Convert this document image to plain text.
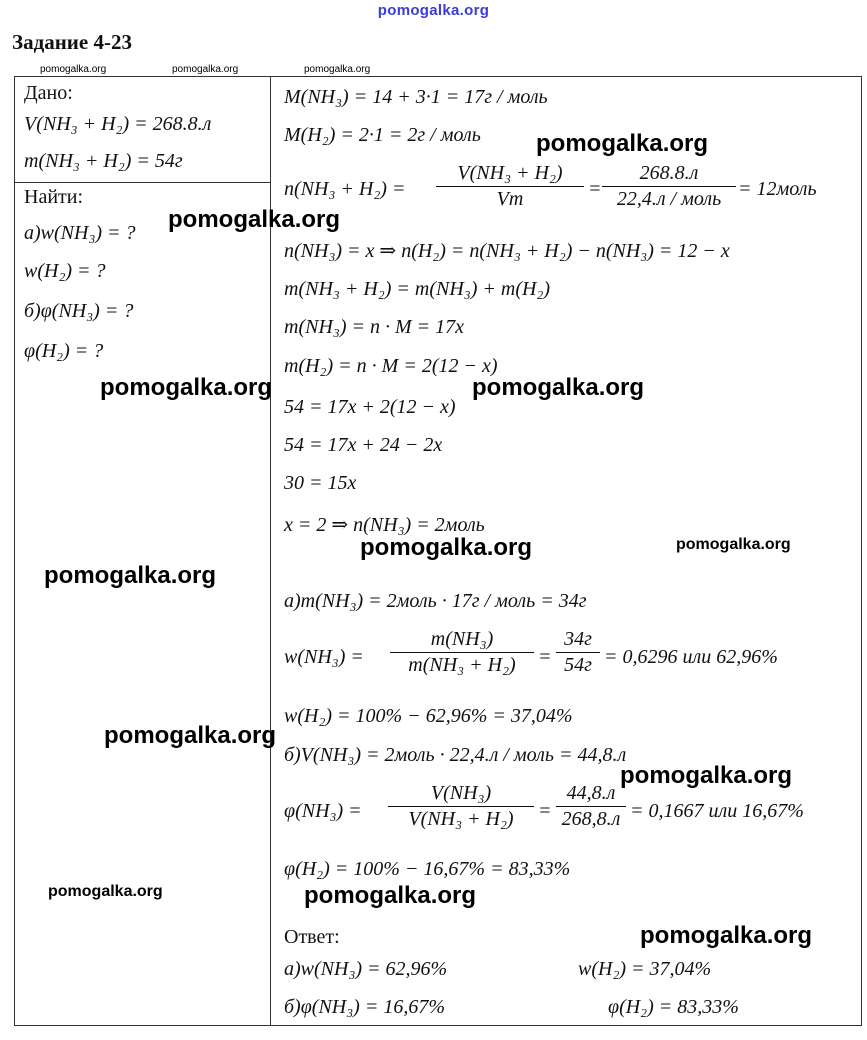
pomogalka.org
Задание 4-23
pomogalka.org	pomogalka.org	pomogalka.org
Дано:
V(NH₃ + H₂) = 268.8.л
m(NH₃ + H₂) = 54г
Найти:
а)w(NH₃) = ?
w(H₂) = ?
б)φ(NH₃) = ?
φ(H₂) = ?
M(NH₃) = 14 + 3·1 = 17г / моль
M(H₂) = 2·1 = 2г / моль
n(NH₃ + H₂) =
V(NH₃ + H₂)
Vm	=
268.8.л
22,4.л / моль = 12моль
n(NH₃) = x ⇒ n(H₂) = n(NH₃ + H₂) − n(NH₃) = 12 − x
m(NH₃ + H₂) = m(NH₃) + m(H₂)
m(NH₃) = n · M = 17x
m(H₂) = n · M = 2(12 − x)
54 = 17x + 2(12 − x)
54 = 17x + 24 − 2x
30 = 15x
x = 2 ⇒ n(NH₃) = 2моль
а)m(NH₃) = 2моль · 17г / моль = 34г
w(NH₃) =
m(NH₃)
m(NH₃ + H₂)	=
34г
54г = 0,6296 или 62,96%
w(H₂) = 100% − 62,96% = 37,04%
б)V(NH₃) = 2моль · 22,4.л / моль = 44,8.л
φ(NH₃) =
V(NH₃)
V(NH₃ + H₂)	=
44,8.л
268,8.л = 0,1667 или 16,67%
φ(H₂) = 100% − 16,67% = 83,33%
Ответ:
а)w(NH₃) = 62,96%	w(H₂) = 37,04%
б)φ(NH₃) = 16,67%	φ(H₂) = 83,33%
pomogalka.org
pomogalka.org
pomogalka.org	pomogalka.org
pomogalka.org	pomogalka.org
pomogalka.org
pomogalka.org
pomogalka.org
pomogalka.org	pomogalka.org
pomogalka.org
